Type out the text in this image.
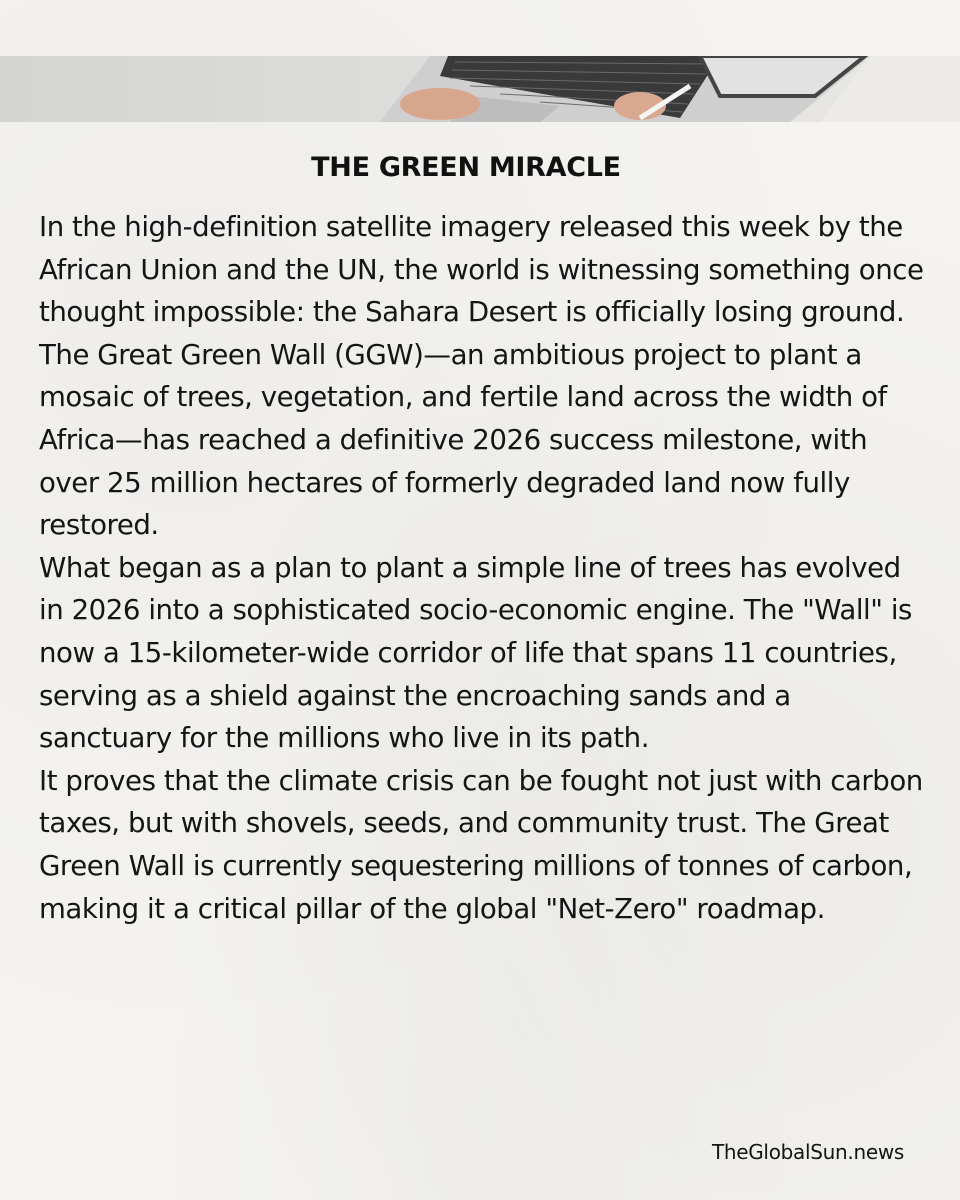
THE GREEN MIRACLE

In the high-definition satellite imagery released this week by the African Union and the UN, the world is witnessing something once thought impossible: the Sahara Desert is officially losing ground.

The Great Green Wall (GGW)—an ambitious project to plant a mosaic of trees, vegetation, and fertile land across the width of Africa—has reached a definitive 2026 success milestone, with over 25 million hectares of formerly degraded land now fully restored.

What began as a plan to plant a simple line of trees has evolved in 2026 into a sophisticated socio-economic engine. The "Wall" is now a 15-kilometer-wide corridor of life that spans 11 countries, serving as a shield against the encroaching sands and a sanctuary for the millions who live in its path.

It proves that the climate crisis can be fought not just with carbon taxes, but with shovels, seeds, and community trust. The Great Green Wall is currently sequestering millions of tonnes of carbon, making it a critical pillar of the global "Net-Zero" roadmap.

TheGlobalSun.news
